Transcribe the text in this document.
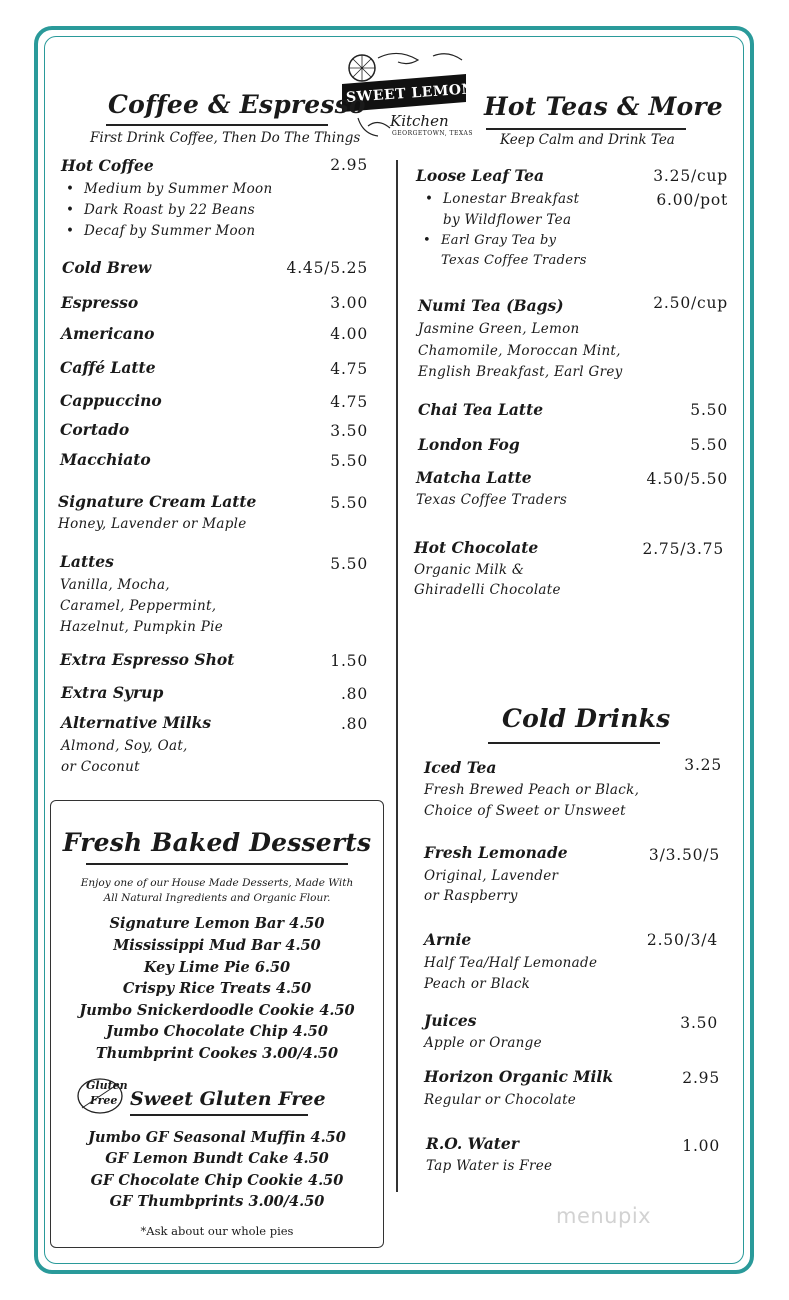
SWEET LEMON
Kitchen
GEORGETOWN, TEXAS
Coffee & Espresso
First Drink Coffee, Then Do The Things
Hot Coffee	2.95
• Medium by Summer Moon
• Dark Roast by 22 Beans
• Decaf by Summer Moon
Cold Brew	4.45/5.25
Espresso	3.00
Americano	4.00
Caffé Latte	4.75
Cappuccino	4.75
Cortado	3.50
Macchiato	5.50
Signature Cream Latte	5.50
Honey, Lavender or Maple
Lattes	5.50
Vanilla, Mocha,
Caramel, Peppermint,
Hazelnut, Pumpkin Pie
Extra Espresso Shot	1.50
Extra Syrup	.80
Alternative Milks	.80
Almond, Soy, Oat,
or Coconut
Hot Teas & More
Keep Calm and Drink Tea
Loose Leaf Tea	3.25/cup
6.00/pot
• Lonestar Breakfast
by Wildflower Tea
• Earl Gray Tea by
Texas Coffee Traders
Numi Tea (Bags)	2.50/cup
Jasmine Green, Lemon
Chamomile, Moroccan Mint,
English Breakfast, Earl Grey
Chai Tea Latte	5.50
London Fog	5.50
Matcha Latte	4.50/5.50
Texas Coffee Traders
Hot Chocolate	2.75/3.75
Organic Milk &
Ghiradelli Chocolate
Cold Drinks
Iced Tea	3.25
Fresh Brewed Peach or Black,
Choice of Sweet or Unsweet
Fresh Lemonade	3/3.50/5
Original, Lavender
or Raspberry
Arnie	2.50/3/4
Half Tea/Half Lemonade
Peach or Black
Juices	3.50
Apple or Orange
Horizon Organic Milk	2.95
Regular or Chocolate
R.O. Water	1.00
Tap Water is Free
Fresh Baked Desserts
Enjoy one of our House Made Desserts, Made With
All Natural Ingredients and Organic Flour.
Signature Lemon Bar 4.50
Mississippi Mud Bar 4.50
Key Lime Pie 6.50
Crispy Rice Treats 4.50
Jumbo Snickerdoodle Cookie 4.50
Jumbo Chocolate Chip 4.50
Thumbprint Cookes 3.00/4.50
Gluten
Free Sweet Gluten Free
Jumbo GF Seasonal Muffin 4.50
GF Lemon Bundt Cake 4.50
GF Chocolate Chip Cookie 4.50
GF Thumbprints 3.00/4.50
*Ask about our whole pies
menupix
